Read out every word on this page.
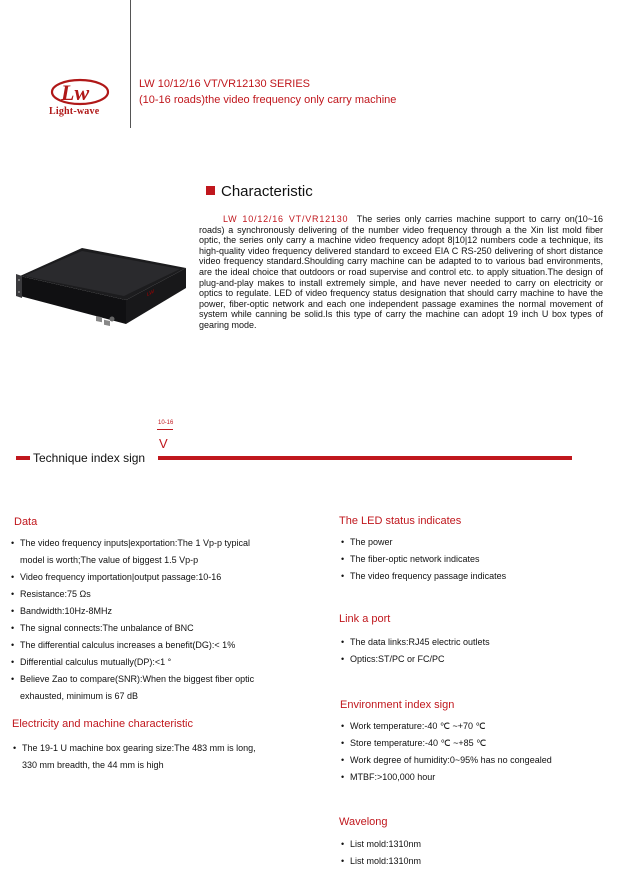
Lw
Light-wave
LW 10/12/16 VT/VR12130 SERIES
(10-16 roads)the video frequency only carry machine
Characteristic
LW
LW 10/12/16 VT/VR12130 The series only carries machine support to carry on(10~16 roads) a synchronously delivering of the number video frequency through a the Xin list mold fiber optic, the series only carry a machine video frequency adopt 8|10|12 numbers code a technique, its high-quality video frequency delivered standard to exceed EIA C RS-250 delivering of short distance video frequency standard.Shoulding carry machine can be adapted to to various bad environments, are the ideal choice that outdoors or road supervise and control etc. to apply situation.The design of plug-and-play makes to install extremely simple, and have never needed to carry on electricity or optics to regulate. LED of video frequency status designation that should carry machine to have the power, fiber-optic network and each one independent passage examines the normal movement of system while canning be solid.Is this type of carry the machine can adopt 19 inch U box types of gearing mode.
10-16
V
Technique index sign
Data
• The video frequency inputs|exportation:The 1 Vp-p typical
model is worth;The value of biggest 1.5 Vp-p
• Video frequency importation|output passage:10-16
• Resistance:75 Ωs
• Bandwidth:10Hz-8MHz
• The signal connects:The unbalance of BNC
• The differential calculus increases a benefit(DG):< 1%
• Differential calculus mutually(DP):<1 °
• Believe Zao to compare(SNR):When the biggest fiber optic
exhausted, minimum is 67 dB
Electricity and machine characteristic
• The 19-1 U machine box gearing size:The 483 mm is long,
330 mm breadth, the 44 mm is high
The LED status indicates
• The power
• The fiber-optic network indicates
• The video frequency passage indicates
Link a port
• The data links:RJ45 electric outlets
• Optics:ST/PC or FC/PC
Environment index sign
• Work temperature:-40 ℃ ~+70 ℃
• Store temperature:-40 ℃ ~+85 ℃
• Work degree of humidity:0~95% has no congealed
• MTBF:>100,000 hour
Wavelong
• List mold:1310nm
• List mold:1310nm
